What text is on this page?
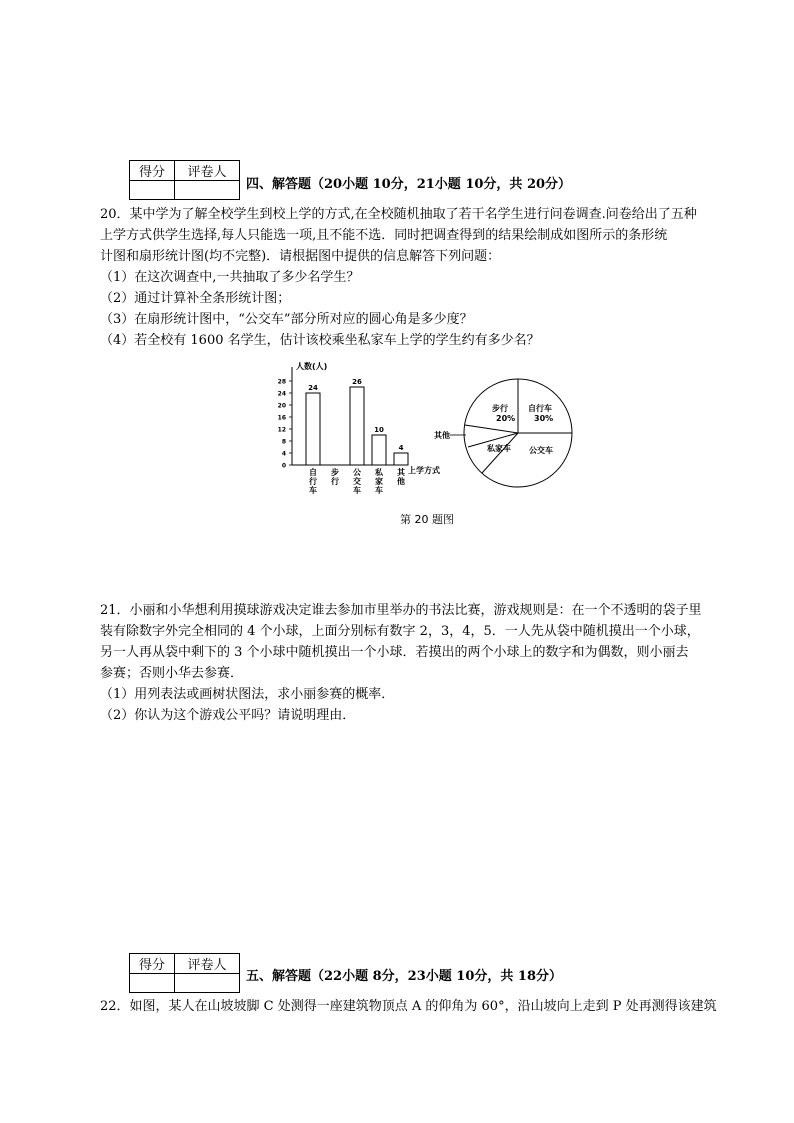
得分	评卷人

四、解答题（20小题 10分，21小题 10分，共 20分）
20．某中学为了解全校学生到校上学的方式,在全校随机抽取了若干名学生进行问卷调查.问卷给出了五种
上学方式供学生选择,每人只能选一项,且不能不选．同时把调查得到的结果绘制成如图所示的条形统
计图和扇形统计图(均不完整)．请根据图中提供的信息解答下列问题：
（1）在这次调查中,一共抽取了多少名学生？
（2）通过计算补全条形统计图；
（3）在扇形统计图中，“公交车”部分所对应的圆心角是多少度？
（4）若全校有 1600 名学生，估计该校乘坐私家车上学的学生约有多少名？
人数(人)
上学方式
0
4
8
12
16
20
24
28
24
自
行
车
步
行
26
公
交
车
10
私
家
车
4
其
他
自行车
30%
步行
20%
公交车
私家车
其他
第 20 题图
21．小丽和小华想利用摸球游戏决定谁去参加市里举办的书法比赛，游戏规则是：在一个不透明的袋子里
装有除数字外完全相同的 4 个小球，上面分别标有数字 2，3，4，5．一人先从袋中随机摸出一个小球，
另一人再从袋中剩下的 3 个小球中随机摸出一个小球．若摸出的两个小球上的数字和为偶数，则小丽去
参赛；否则小华去参赛．
（1）用列表法或画树状图法，求小丽参赛的概率．
（2）你认为这个游戏公平吗？请说明理由．
得分	评卷人

五、解答题（22小题 8分，23小题 10分，共 18分）
22．如图，某人在山坡坡脚 C 处测得一座建筑物顶点 A 的仰角为 60°，沿山坡向上走到 P 处再测得该建筑
